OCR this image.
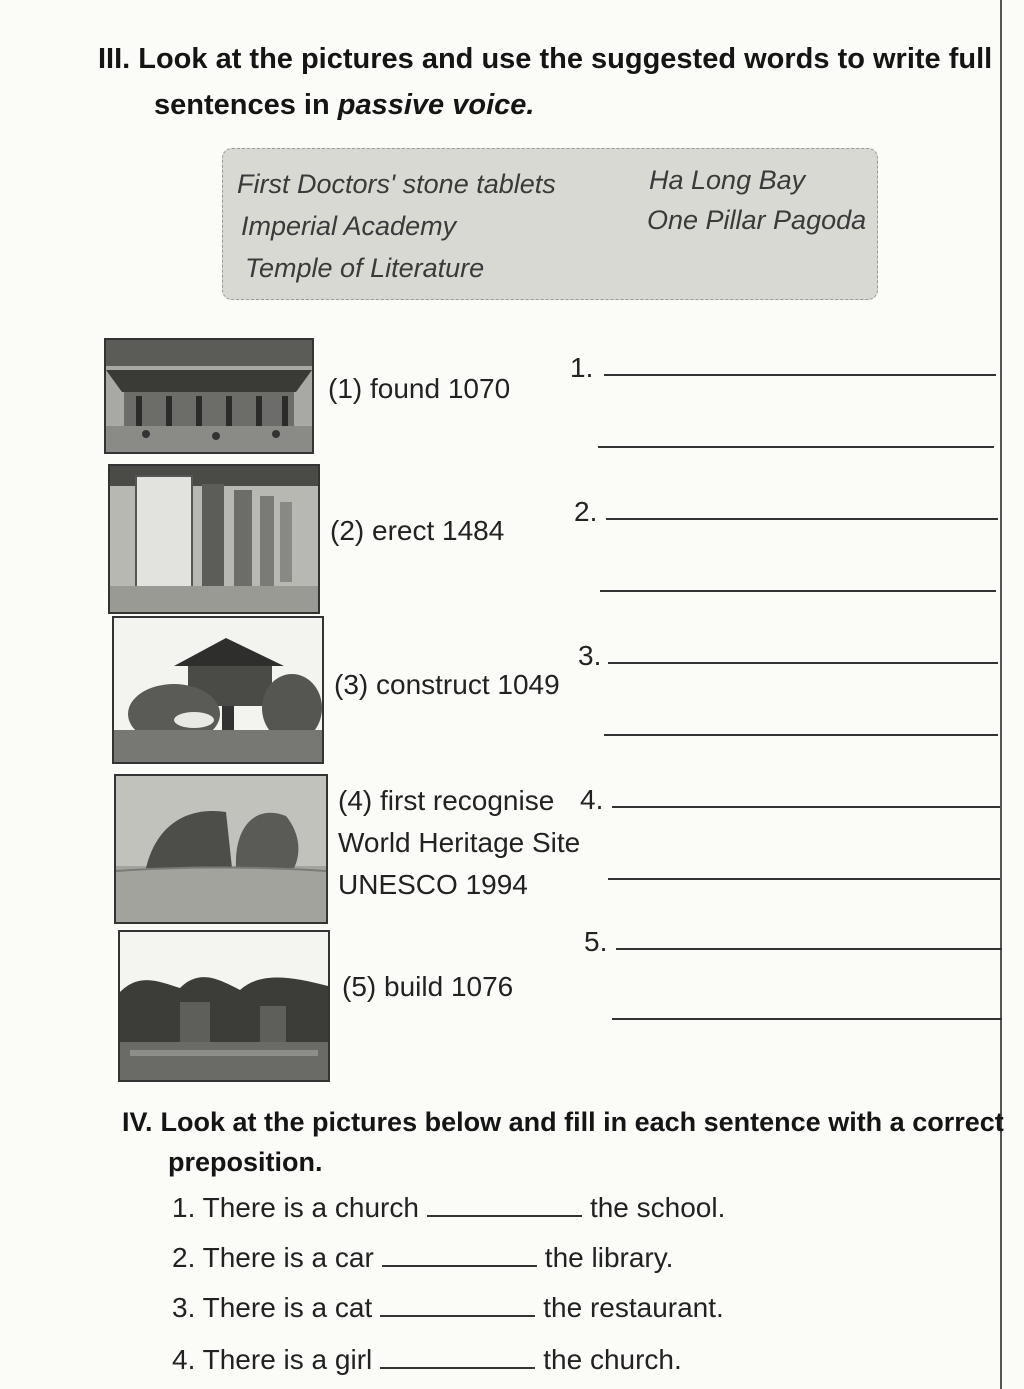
III. Look at the pictures and use the suggested words to write full
sentences in passive voice.
First Doctors' stone tablets
Imperial Academy
Temple of Literature
Ha Long Bay
One Pillar Pagoda
(1) found 1070
1.
(2) erect 1484
2.
(3) construct 1049
3.
(4) first recognise
World Heritage Site
UNESCO 1994
4.
(5) build 1076
5.
IV. Look at the pictures below and fill in each sentence with a correct
preposition.
1. There is a church	the school.
2. There is a car	the library.
3. There is a cat	the restaurant.
4. There is a girl	the church.
